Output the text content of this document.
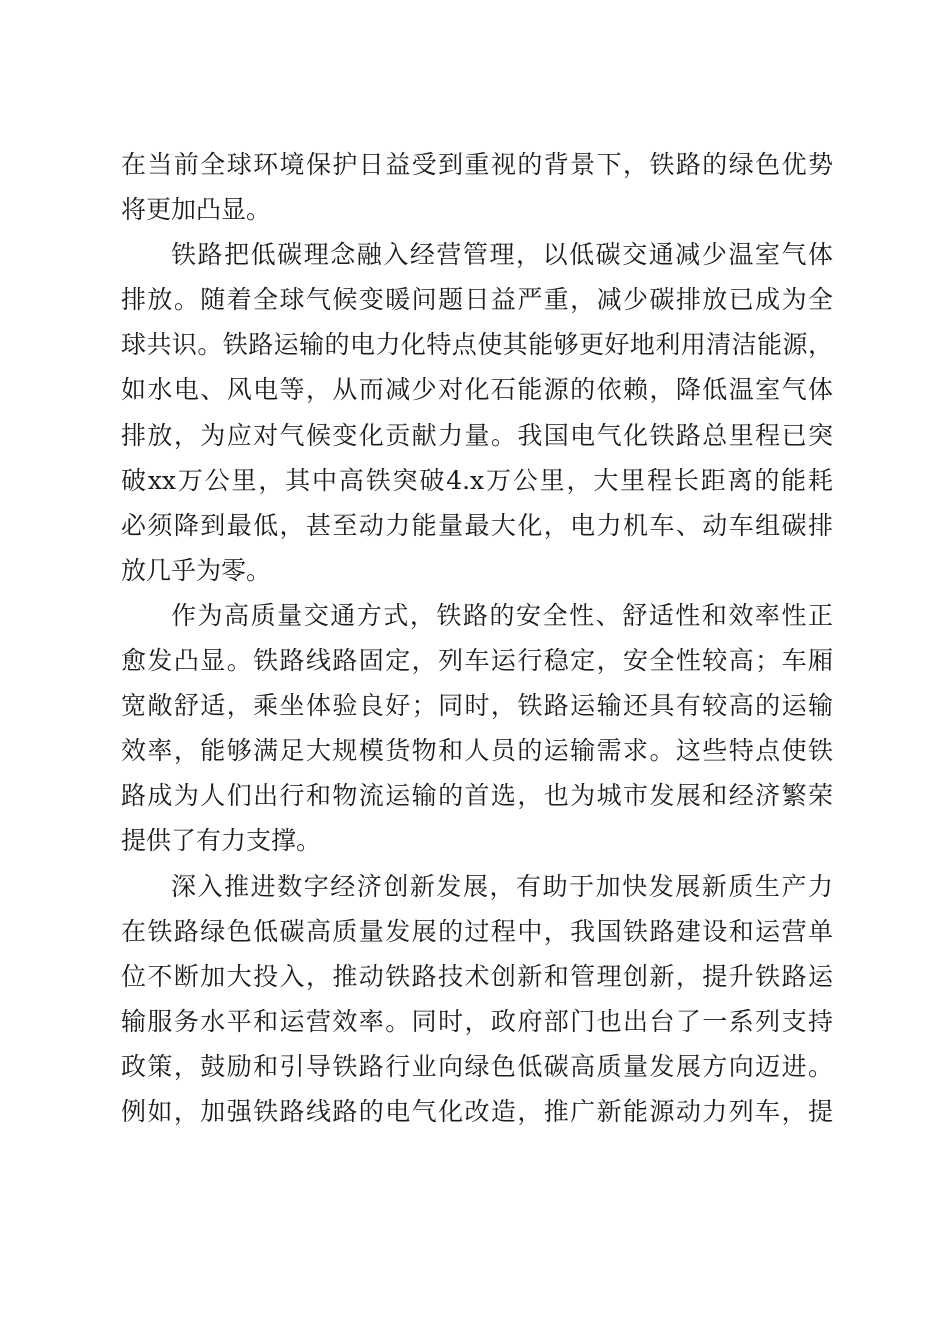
在当前全球环境保护日益受到重视的背景下，铁路的绿色优势
将更加凸显。
铁路把低碳理念融入经营管理，以低碳交通减少温室气体
排放。随着全球气候变暖问题日益严重，减少碳排放已成为全
球共识。铁路运输的电力化特点使其能够更好地利用清洁能源，
如水电、风电等，从而减少对化石能源的依赖，降低温室气体
排放，为应对气候变化贡献力量。我国电气化铁路总里程已突
破xx万公里，其中高铁突破4.x万公里，大里程长距离的能耗
必须降到最低，甚至动力能量最大化，电力机车、动车组碳排
放几乎为零。
作为高质量交通方式，铁路的安全性、舒适性和效率性正
愈发凸显。铁路线路固定，列车运行稳定，安全性较高；车厢
宽敞舒适，乘坐体验良好；同时，铁路运输还具有较高的运输
效率，能够满足大规模货物和人员的运输需求。这些特点使铁
路成为人们出行和物流运输的首选，也为城市发展和经济繁荣
提供了有力支撑。
深入推进数字经济创新发展，有助于加快发展新质生产力
在铁路绿色低碳高质量发展的过程中，我国铁路建设和运营单
位不断加大投入，推动铁路技术创新和管理创新，提升铁路运
输服务水平和运营效率。同时，政府部门也出台了一系列支持
政策，鼓励和引导铁路行业向绿色低碳高质量发展方向迈进。
例如，加强铁路线路的电气化改造，推广新能源动力列车，提
